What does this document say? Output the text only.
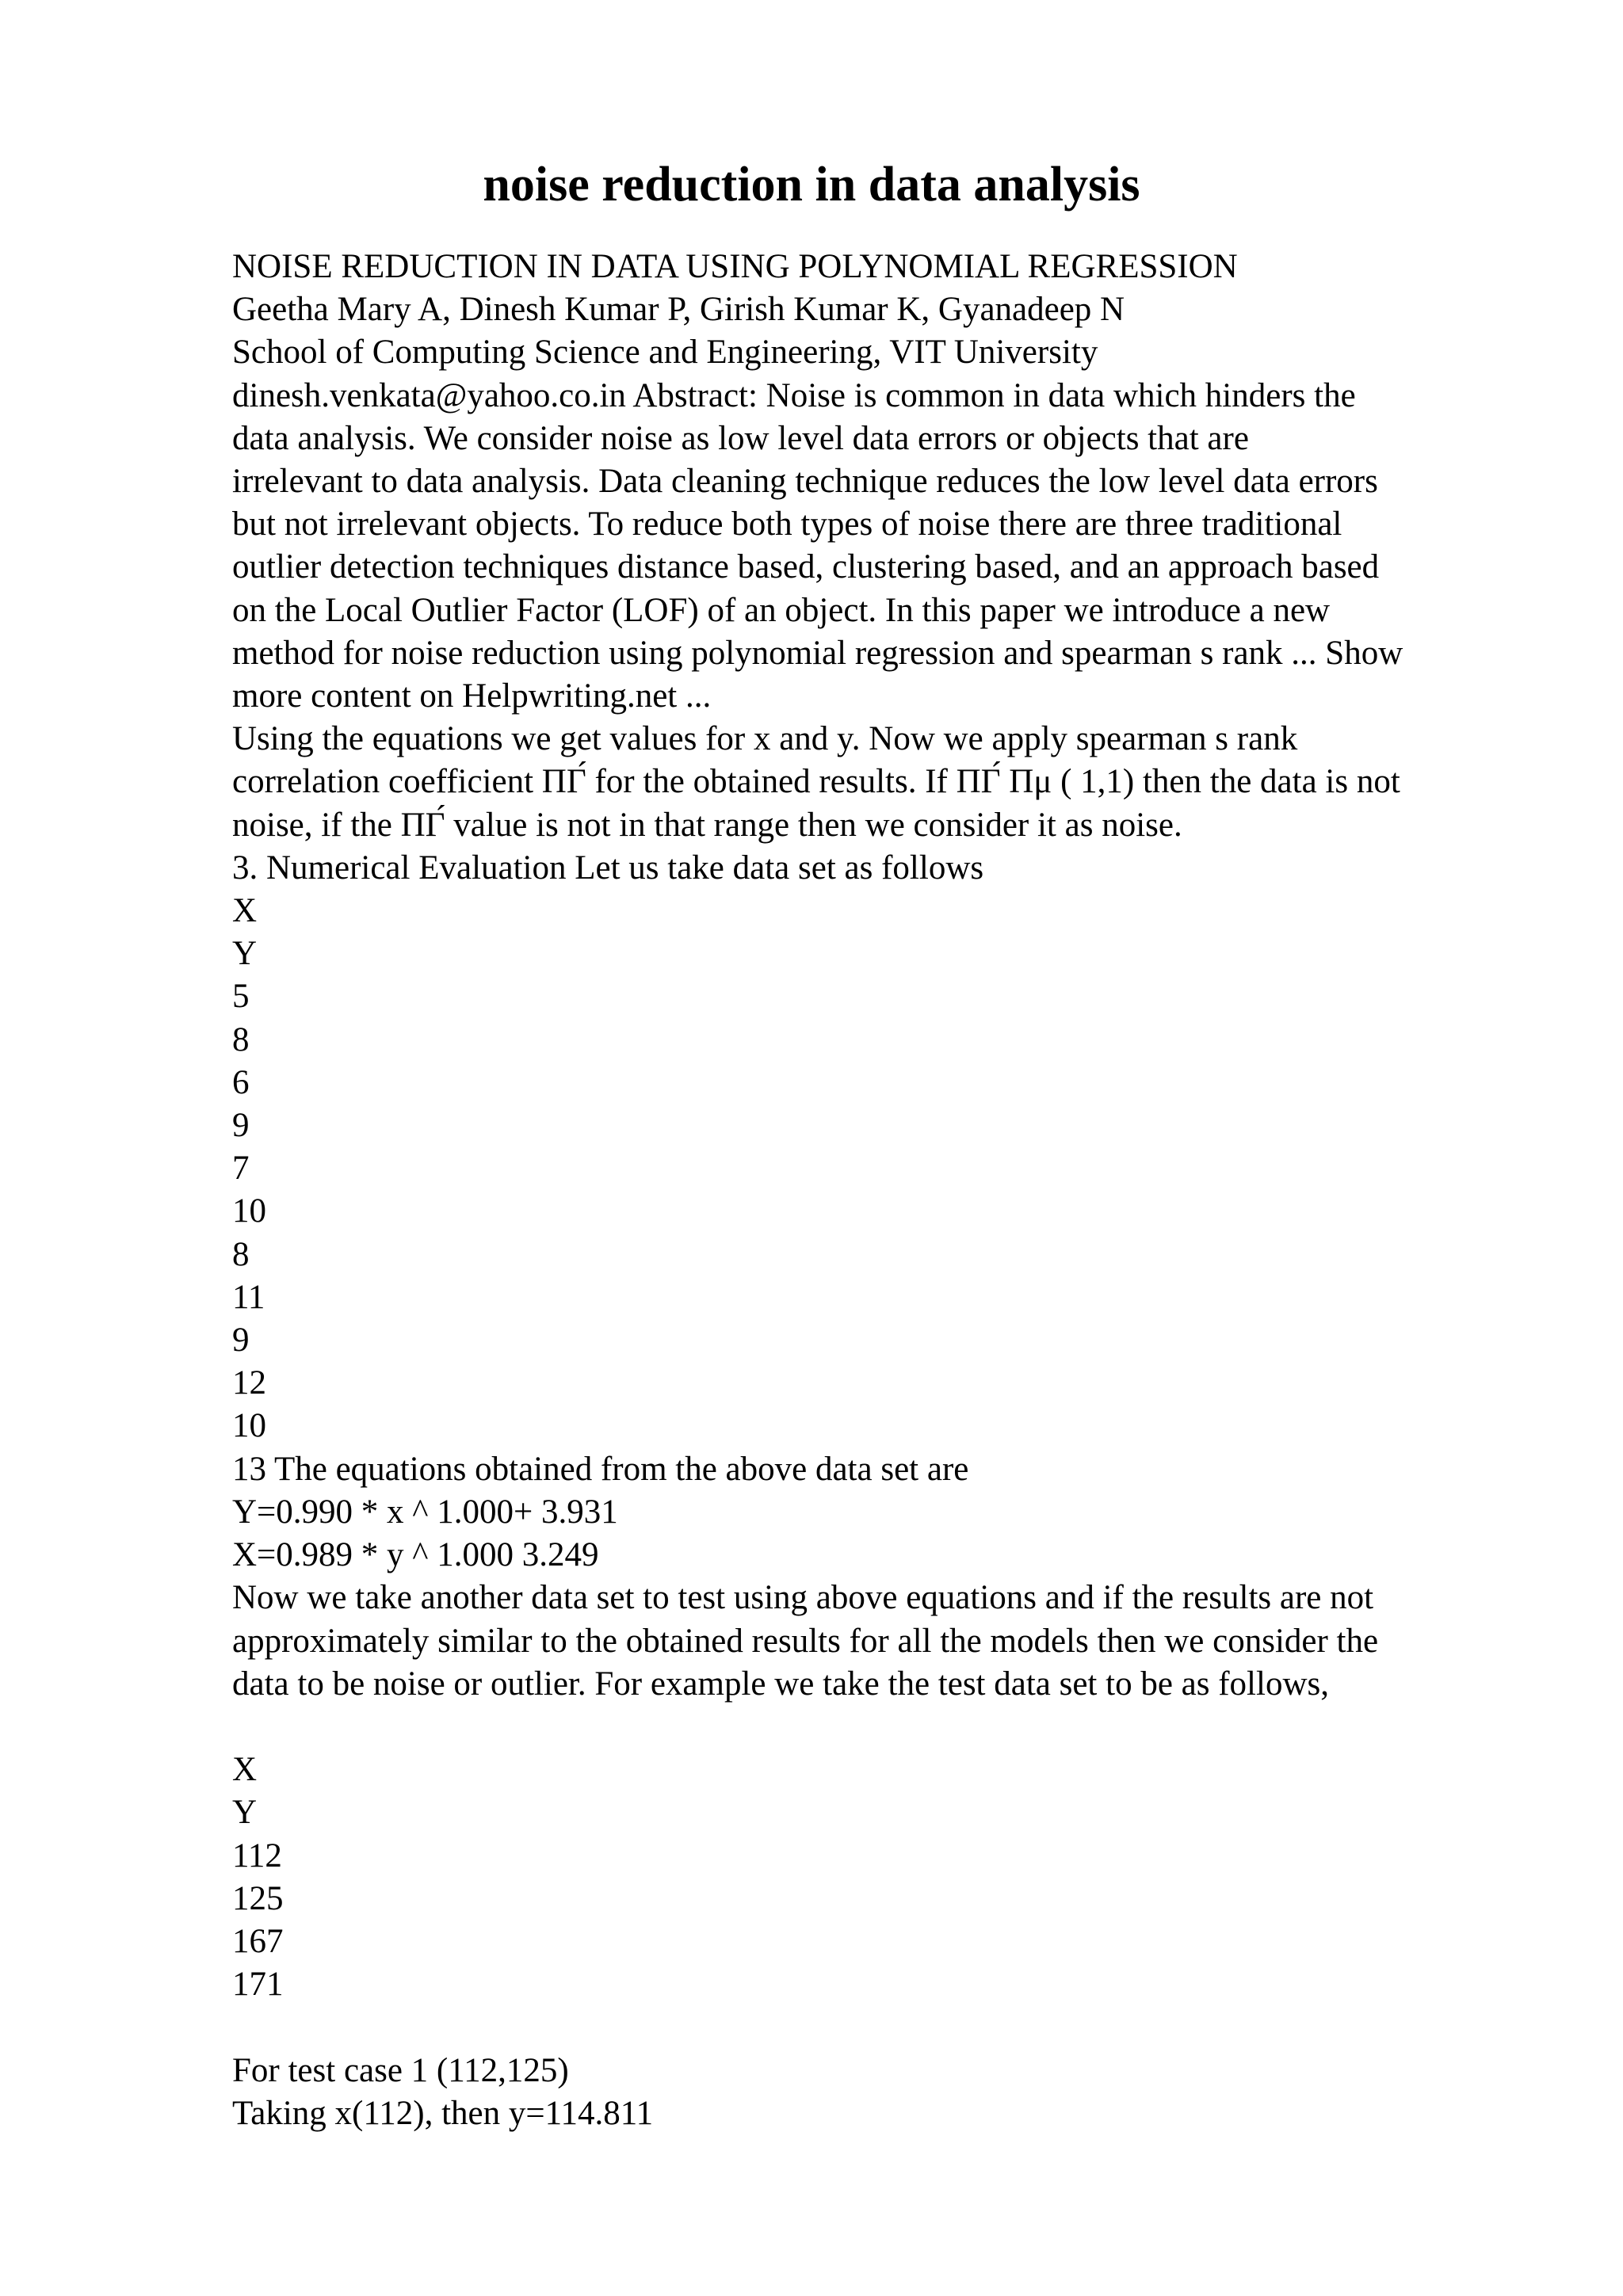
noise reduction in data analysis
NOISE REDUCTION IN DATA USING POLYNOMIAL REGRESSION
Geetha Mary A, Dinesh Kumar P, Girish Kumar K, Gyanadeep N
School of Computing Science and Engineering, VIT University
dinesh.venkata@yahoo.co.in Abstract: Noise is common in data which hinders the
data analysis. We consider noise as low level data errors or objects that are
irrelevant to data analysis. Data cleaning technique reduces the low level data errors
but not irrelevant objects. To reduce both types of noise there are three traditional
outlier detection techniques distance based, clustering based, and an approach based
on the Local Outlier Factor (LOF) of an object. In this paper we introduce a new
method for noise reduction using polynomial regression and spearman s rank ... Show
more content on Helpwriting.net ...
Using the equations we get values for x and y. Now we apply spearman s rank
correlation coefficient ΠΓ́ for the obtained results. If ΠΓ́ Πμ ( 1,1) then the data is not
noise, if the ΠΓ́ value is not in that range then we consider it as noise.
3. Numerical Evaluation Let us take data set as follows
X
Y
5
8
6
9
7
10
8
11
9
12
10
13 The equations obtained from the above data set are
Y=0.990 * x ^ 1.000+ 3.931
X=0.989 * y ^ 1.000 3.249
Now we take another data set to test using above equations and if the results are not
approximately similar to the obtained results for all the models then we consider the
data to be noise or outlier. For example we take the test data set to be as follows,
X
Y
112
125
167
171
For test case 1 (112,125)
Taking x(112), then y=114.811
